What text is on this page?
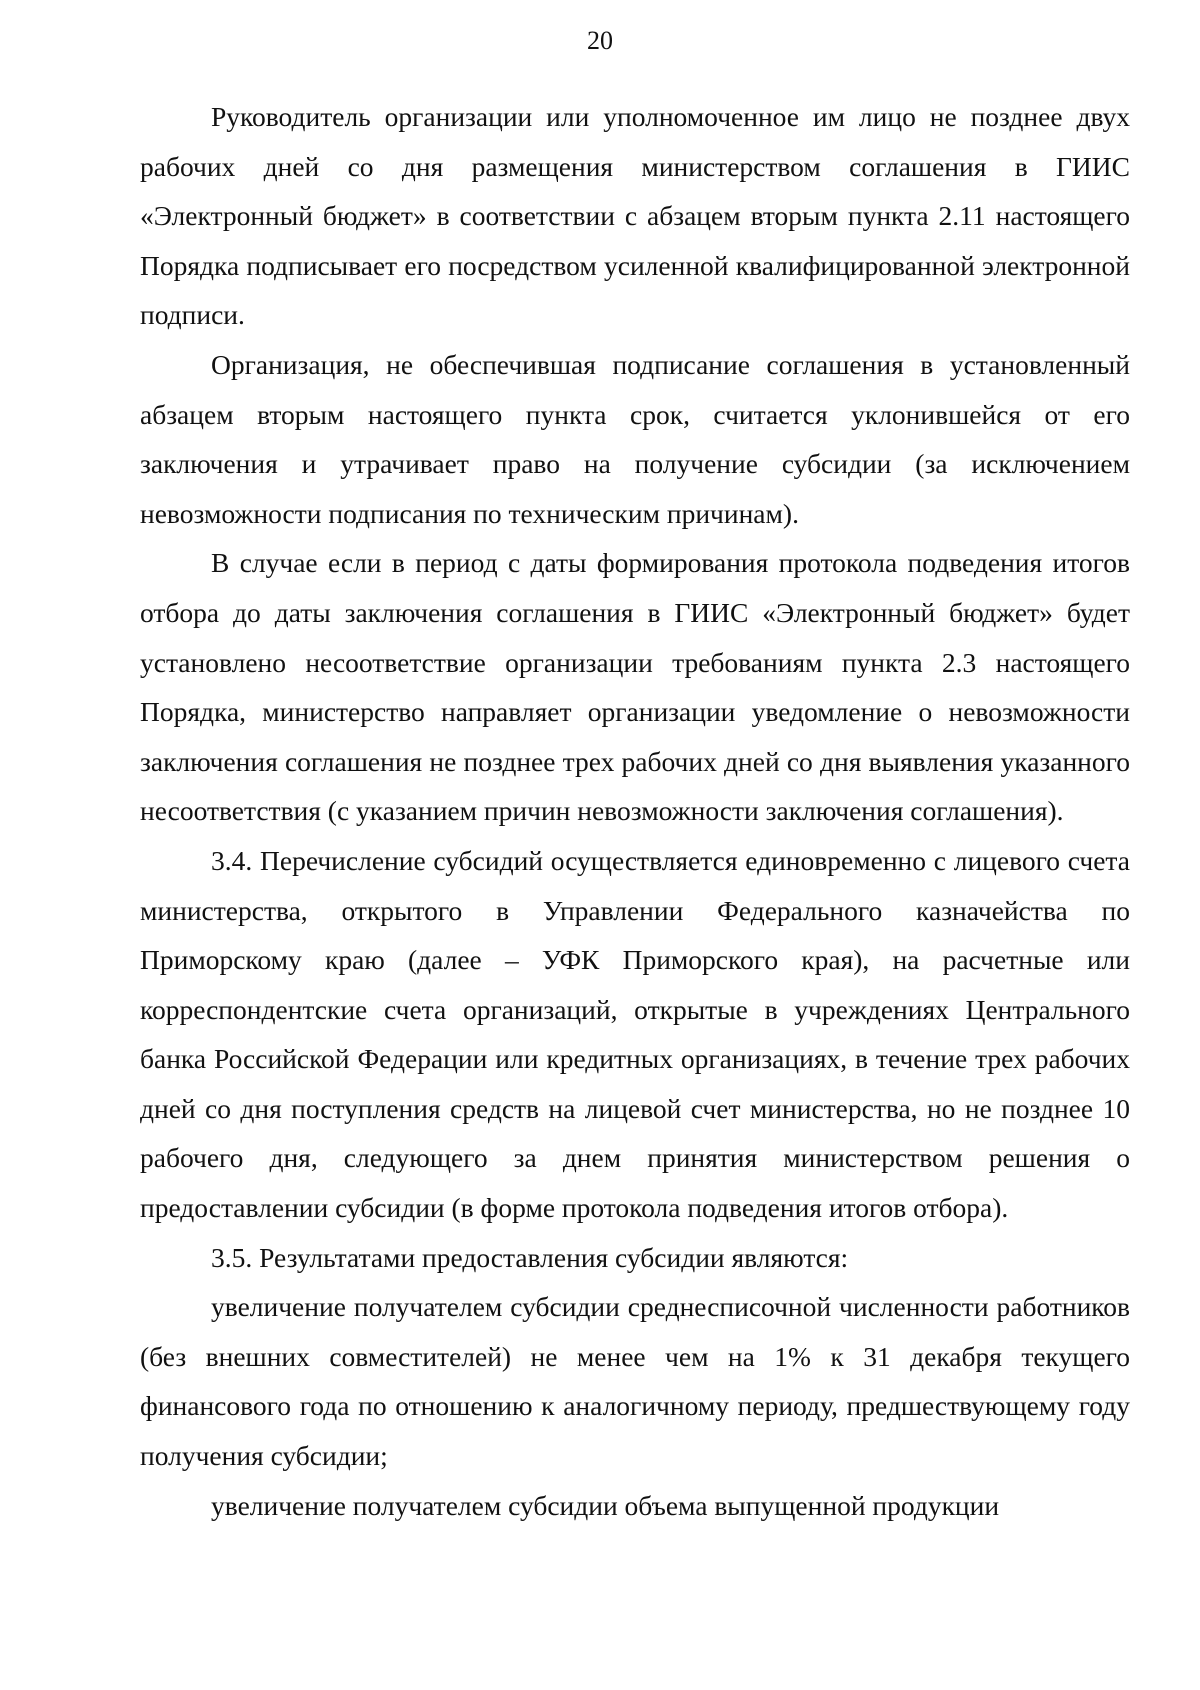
20

Руководитель организации или уполномоченное им лицо не позднее двух рабочих дней со дня размещения министерством соглашения в ГИИС «Электронный бюджет» в соответствии с абзацем вторым пункта 2.11 настоящего Порядка подписывает его посредством усиленной квалифицированной электронной подписи.

Организация, не обеспечившая подписание соглашения в установленный абзацем вторым настоящего пункта срок, считается уклонившейся от его заключения и утрачивает право на получение субсидии (за исключением невозможности подписания по техническим причинам).

В случае если в период с даты формирования протокола подведения итогов отбора до даты заключения соглашения в ГИИС «Электронный бюджет» будет установлено несоответствие организации требованиям пункта 2.3 настоящего Порядка, министерство направляет организации уведомление о невозможности заключения соглашения не позднее трех рабочих дней со дня выявления указанного несоответствия (с указанием причин невозможности заключения соглашения).

3.4. Перечисление субсидий осуществляется единовременно с лицевого счета министерства, открытого в Управлении Федерального казначейства по Приморскому краю (далее – УФК Приморского края), на расчетные или корреспондентские счета организаций, открытые в учреждениях Центрального банка Российской Федерации или кредитных организациях, в течение трех рабочих дней со дня поступления средств на лицевой счет министерства, но не позднее 10 рабочего дня, следующего за днем принятия министерством решения о предоставлении субсидии (в форме протокола подведения итогов отбора).

3.5. Результатами предоставления субсидии являются:

увеличение получателем субсидии среднесписочной численности работников (без внешних совместителей) не менее чем на 1% к 31 декабря текущего финансового года по отношению к аналогичному периоду, предшествующему году получения субсидии;

увеличение получателем субсидии объема выпущенной продукции
